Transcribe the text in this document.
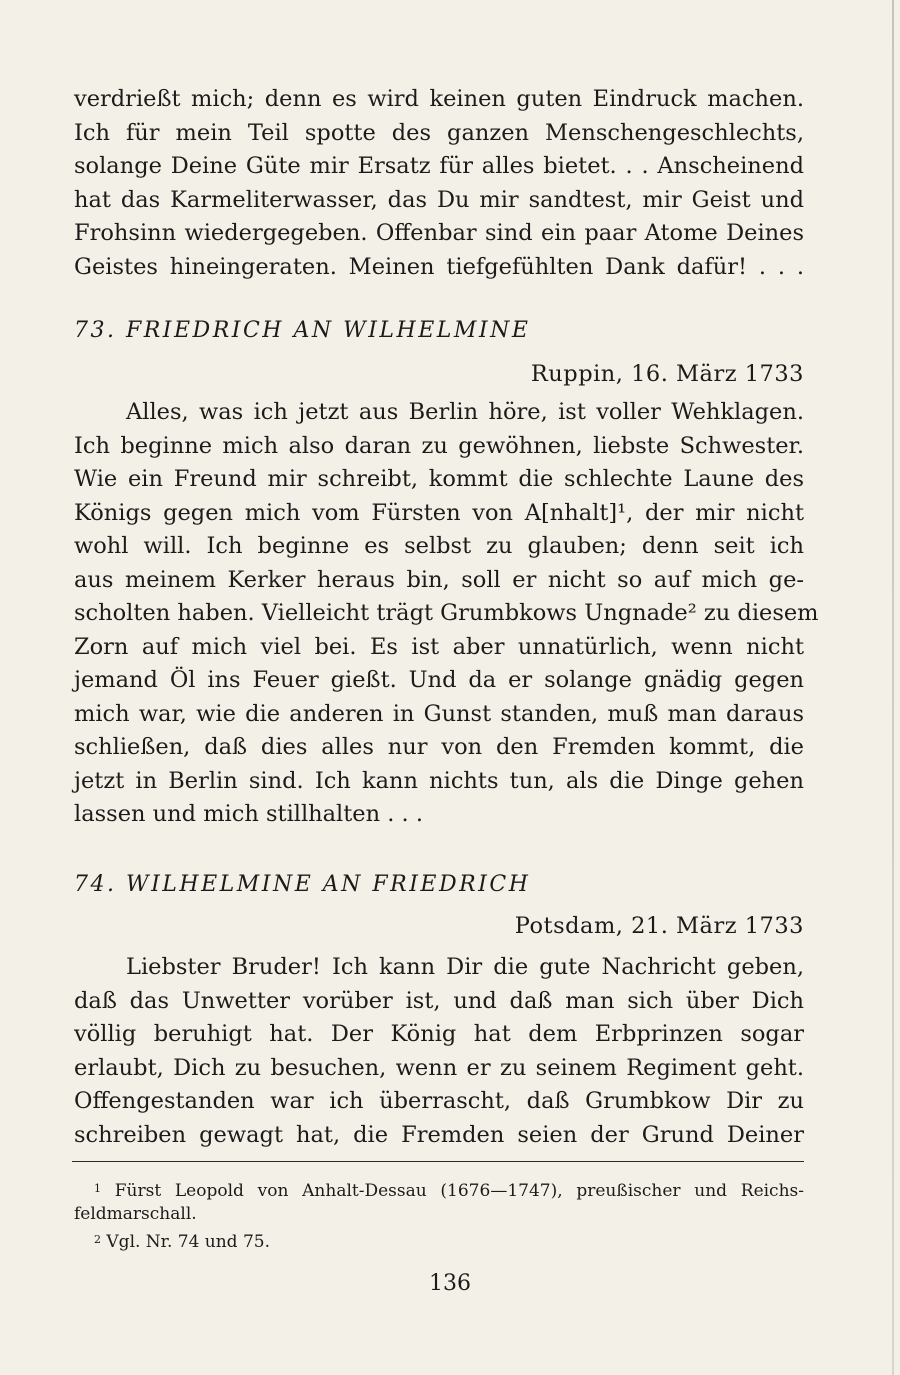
verdrießt mich; denn es wird keinen guten Eindruck machen.
Ich für mein Teil spotte des ganzen Menschengeschlechts,
solange Deine Güte mir Ersatz für alles bietet. . . Anscheinend
hat das Karmeliterwasser, das Du mir sandtest, mir Geist und
Frohsinn wiedergegeben. Offenbar sind ein paar Atome Deines
Geistes hineingeraten. Meinen tiefgefühlten Dank dafür! . . .
73. FRIEDRICH AN WILHELMINE
Ruppin, 16. März 1733
Alles, was ich jetzt aus Berlin höre, ist voller Wehklagen.
Ich beginne mich also daran zu gewöhnen, liebste Schwester.
Wie ein Freund mir schreibt, kommt die schlechte Laune des
Königs gegen mich vom Fürsten von A[nhalt]¹, der mir nicht
wohl will. Ich beginne es selbst zu glauben; denn seit ich
aus meinem Kerker heraus bin, soll er nicht so auf mich ge-
scholten haben. Vielleicht trägt Grumbkows Ungnade² zu diesem
Zorn auf mich viel bei. Es ist aber unnatürlich, wenn nicht
jemand Öl ins Feuer gießt. Und da er solange gnädig gegen
mich war, wie die anderen in Gunst standen, muß man daraus
schließen, daß dies alles nur von den Fremden kommt, die
jetzt in Berlin sind. Ich kann nichts tun, als die Dinge gehen
lassen und mich stillhalten . . .
74. WILHELMINE AN FRIEDRICH
Potsdam, 21. März 1733
Liebster Bruder! Ich kann Dir die gute Nachricht geben,
daß das Unwetter vorüber ist, und daß man sich über Dich
völlig beruhigt hat. Der König hat dem Erbprinzen sogar
erlaubt, Dich zu besuchen, wenn er zu seinem Regiment geht.
Offengestanden war ich überrascht, daß Grumbkow Dir zu
schreiben gewagt hat, die Fremden seien der Grund Deiner
$^1$ Fürst Leopold von Anhalt-Dessau (1676—1747), preußischer und Reichs-
feldmarschall.
$^2$ Vgl. Nr. 74 und 75.
136
